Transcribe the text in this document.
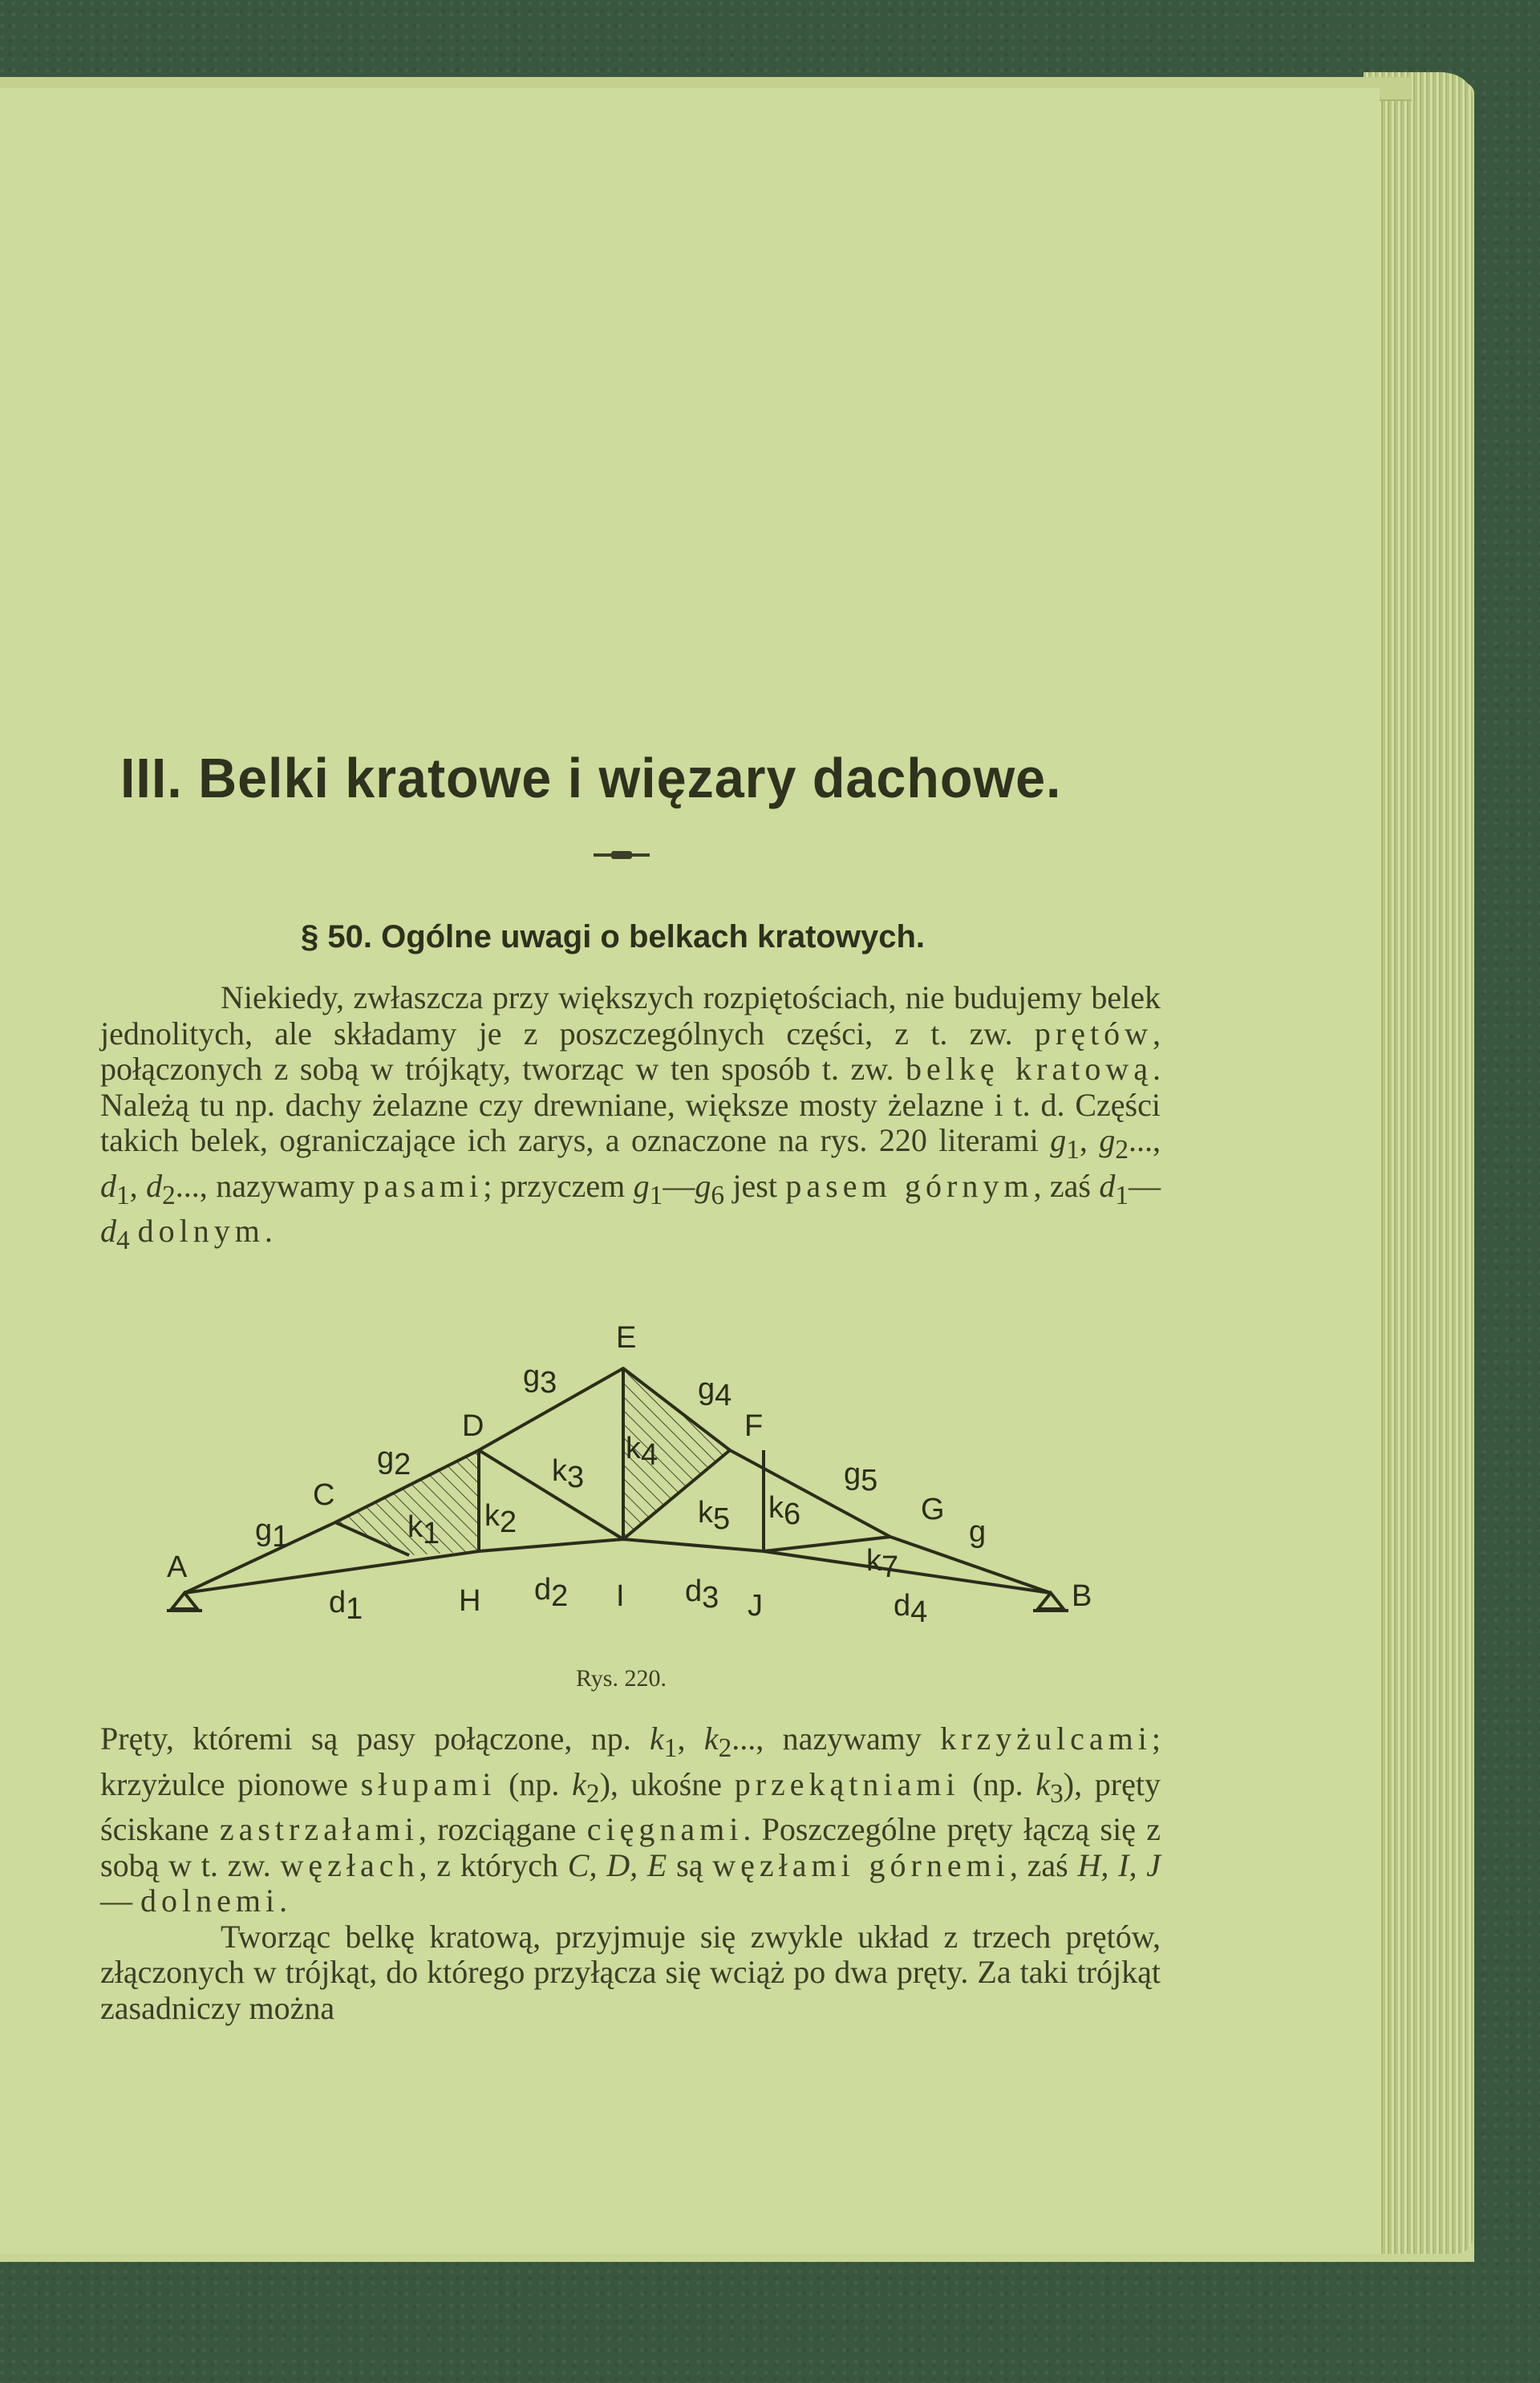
III. Belki kratowe i więzary dachowe.
§ 50. Ogólne uwagi o belkach kratowych.

Niekiedy, zwłaszcza przy większych rozpiętościach, nie budujemy belek jednolitych, ale składamy je z poszczególnych części, z t. zw. prętów, połączonych z sobą w trójkąty, tworząc w ten sposób t. zw. belkę kratową. Należą tu np. dachy żelazne czy drewniane, większe mosty żelazne i t. d. Części takich belek, ograniczające ich zarys, a oznaczone na rys. 220 literami $g_1$, $g_2$..., $d_1$, $d_2$..., nazywamy pasami; przyczem $g_1—g_6$ jest pasem górnym, zaś $d_1—d_4$ dolnym.

A
B
C
D
E
F
G
H	I	J
g1
g2
g3	g4
g5
g
d1
d2	d3	d4
k1
k2
k3
k4
k5 k6
k7

Rys. 220.

Pręty, któremi są pasy połączone, np. $k_1$, $k_2$..., nazywamy krzyżulcami; krzyżulce pionowe słupami (np. $k_2$), ukośne przekątniami (np. $k_3$), pręty ściskane zastrzałami, rozciągane cięgnami. Poszczególne pręty łączą się z sobą w t. zw. węzłach, z których C, D, E są węzłami górnemi, zaś H, I, J — dolnemi.

Tworząc belkę kratową, przyjmuje się zwykle układ z trzech prętów, złączonych w trójkąt, do którego przyłącza się wciąż po dwa pręty. Za taki trójkąt zasadniczy można
